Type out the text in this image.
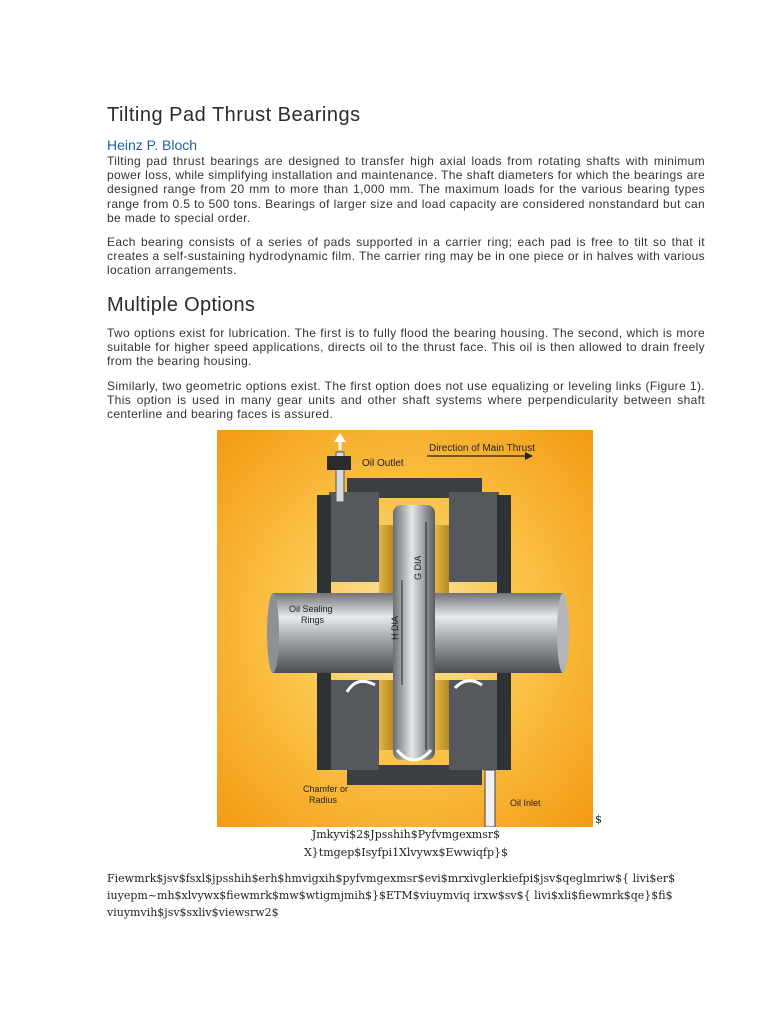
Tilting Pad Thrust Bearings
Heinz P. Bloch

Tilting pad thrust bearings are designed to transfer high axial loads from rotating shafts with minimum power loss, while simplifying installation and maintenance. The shaft diameters for which the bearings are designed range from 20 mm to more than 1,000 mm. The maximum loads for the various bearing types range from 0.5 to 500 tons. Bearings of larger size and load capacity are considered nonstandard but can be made to special order.

Each bearing consists of a series of pads supported in a carrier ring; each pad is free to tilt so that it creates a self-sustaining hydrodynamic film. The carrier ring may be in one piece or in halves with various location arrangements.

Multiple Options

Two options exist for lubrication. The first is to fully flood the bearing housing. The second, which is more suitable for higher speed applications, directs oil to the thrust face. This oil is then allowed to drain freely from the bearing housing.

Similarly, two geometric options exist. The first option does not use equalizing or leveling links (Figure 1). This option is used in many gear units and other shaft systems where perpendicularity between shaft centerline and bearing faces is assured.

Oil Outlet
Direction of Main Thrust
Oil Sealing
Rings
G DIA
H DIA
Chamfer or
Radius	Oil Inlet
$
Jmkyvi$2$Jpsshih$Pyfvmgexmsr$
X}tmgep$Isyfpi1Xlvywx$Ewwiqfp}$
Fiewmrk$jsv$fsxl$jpsshih$erh$hmvigxih$pyfvmgexmsr$evi$mrxivglerkiefpi$jsv$qeglmriw${ livi$er$
iuyepm~mh$xlvywx$fiewmrk$mw$wtigmjmih$}$ETM$viuymviq irxw$sv${ livi$xli$fiewmrk$qe}$fi$
viuymvih$jsv$sxliv$viewsrw2$
